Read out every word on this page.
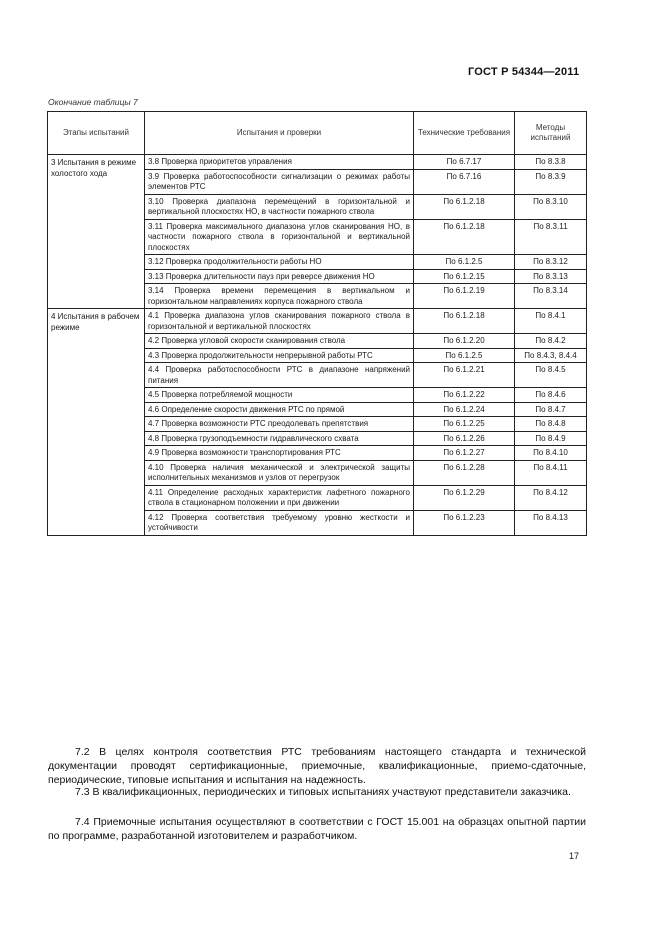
ГОСТ Р 54344—2011
Окончание таблицы 7
Этапы испытаний	Испытания и проверки	Технические требования	Методы испытаний
3 Испытания в режиме холостого хода	3.8 Проверка приоритетов управления	По 6.7.17	По 8.3.8
	3.9 Проверка работоспособности сигнализации о режимах работы элементов РТС	По 6.7.16	По 8.3.9
	3.10 Проверка диапазона перемещений в горизонтальной и вертикальной плоскостях НО, в частности пожарного ствола	По 6.1.2.18	По 8.3.10
	3.11 Проверка максимального диапазона углов сканирования НО, в частности пожарного ствола в горизонтальной и вертикальной плоскостях	По 6.1.2.18	По 8.3.11
	3.12 Проверка продолжительности работы НО	По 6.1.2.5	По 8.3.12
	3.13 Проверка длительности пауз при реверсе движения НО	По 6.1.2.15	По 8.3.13
	3.14 Проверка времени перемещения в вертикальном и горизонтальном направлениях корпуса пожарного ствола	По 6.1.2.19	По 8.3.14
4 Испытания в рабочем режиме	4.1 Проверка диапазона углов сканирования пожарного ствола в горизонтальной и вертикальной плоскостях	По 6.1.2.18	По 8.4.1
	4.2 Проверка угловой скорости сканирования ствола	По 6.1.2.20	По 8.4.2
	4.3 Проверка продолжительности непрерывной работы РТС	По 6.1.2.5	По 8.4.3, 8.4.4
	4.4 Проверка работоспособности РТС в диапазоне напряжений питания	По 6.1.2.21	По 8.4.5
	4.5 Проверка потребляемой мощности	По 6.1.2.22	По 8.4.6
	4.6 Определение скорости движения РТС по прямой	По 6.1.2.24	По 8.4.7
	4.7 Проверка возможности РТС преодолевать препятствия	По 6.1.2.25	По 8.4.8
	4.8 Проверка грузоподъемности гидравлического схвата	По 6.1.2.26	По 8.4.9
	4.9 Проверка возможности транспортирования РТС	По 6.1.2.27	По 8.4.10
	4.10 Проверка наличия механической и электрической защиты исполнительных механизмов и узлов от перегрузок	По 6.1.2.28	По 8.4.11
	4.11 Определение расходных характеристик лафетного пожарного ствола в стационарном положении и при движении	По 6.1.2.29	По 8.4.12
	4.12 Проверка соответствия требуемому уровню жесткости и устойчивости	По 6.1.2.23	По 8.4.13
7.2 В целях контроля соответствия РТС требованиям настоящего стандарта и технической документации проводят сертификационные, приемочные, квалификационные, приемо-сдаточные, периодические, типовые испытания и испытания на надежность.
7.3 В квалификационных, периодических и типовых испытаниях участвуют представители заказчика.
7.4 Приемочные испытания осуществляют в соответствии с ГОСТ 15.001 на образцах опытной партии по программе, разработанной изготовителем и разработчиком.
17
